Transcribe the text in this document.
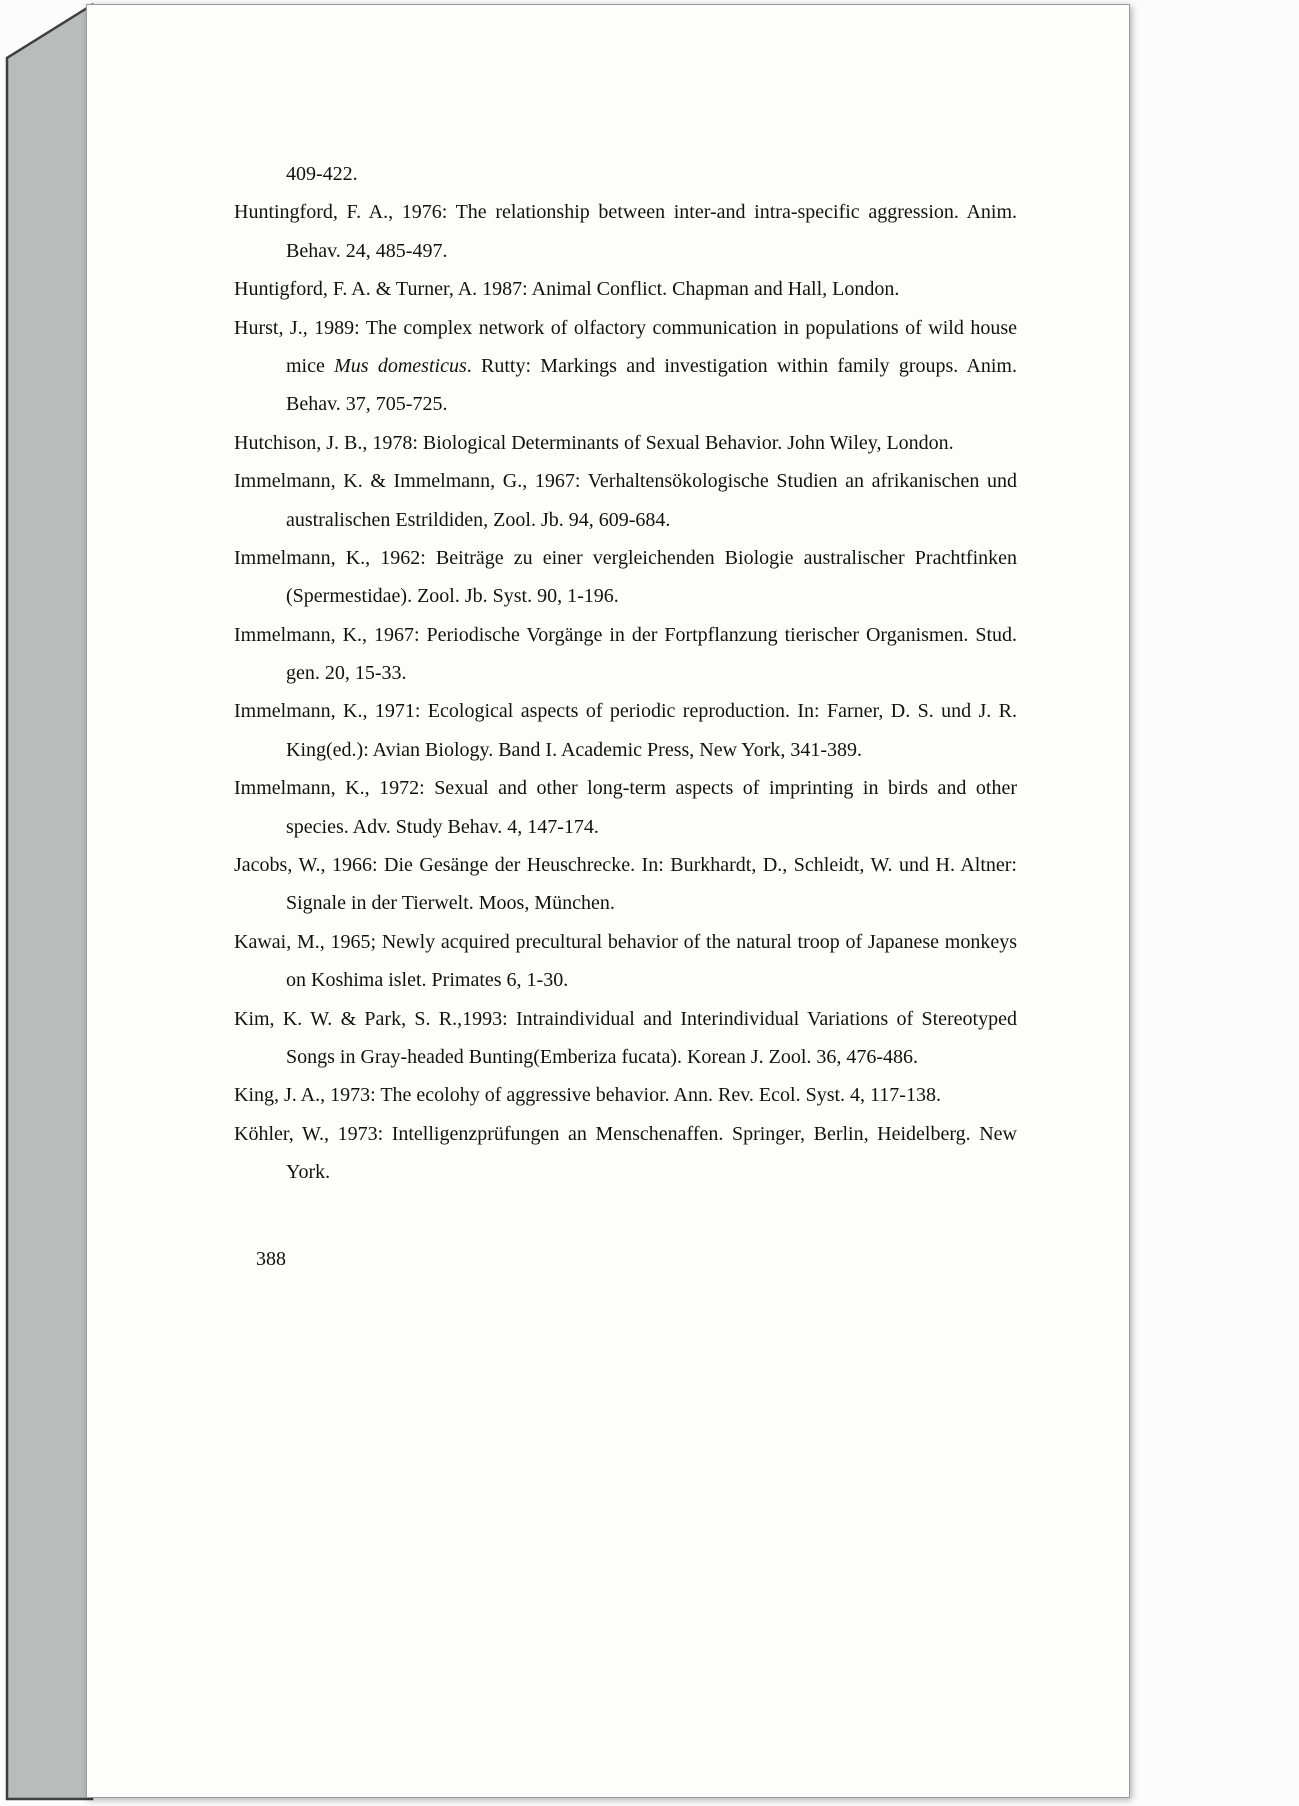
409-422.

Huntingford, F. A., 1976: The relationship between inter-and intra-specific aggression. Anim. Behav. 24, 485-497.

Huntigford, F. A. & Turner, A. 1987: Animal Conflict. Chapman and Hall, London.

Hurst, J., 1989: The complex network of olfactory communication in populations of wild house mice Mus domesticus. Rutty: Markings and investigation within family groups. Anim. Behav. 37, 705-725.

Hutchison, J. B., 1978: Biological Determinants of Sexual Behavior. John Wiley, London.

Immelmann, K. & Immelmann, G., 1967: Verhaltensökologische Studien an afrikanischen und australischen Estrildiden, Zool. Jb. 94, 609-684.

Immelmann, K., 1962: Beiträge zu einer vergleichenden Biologie australischer Prachtfinken (Spermestidae). Zool. Jb. Syst. 90, 1-196.

Immelmann, K., 1967: Periodische Vorgänge in der Fortpflanzung tierischer Organismen. Stud. gen. 20, 15-33.

Immelmann, K., 1971: Ecological aspects of periodic reproduction. In: Farner, D. S. und J. R. King(ed.): Avian Biology. Band I. Academic Press, New York, 341-389.

Immelmann, K., 1972: Sexual and other long-term aspects of imprinting in birds and other species. Adv. Study Behav. 4, 147-174.

Jacobs, W., 1966: Die Gesänge der Heuschrecke. In: Burkhardt, D., Schleidt, W. und H. Altner: Signale in der Tierwelt. Moos, München.

Kawai, M., 1965; Newly acquired precultural behavior of the natural troop of Japanese monkeys on Koshima islet. Primates 6, 1-30.

Kim, K. W. & Park, S. R.,1993: Intraindividual and Interindividual Variations of Stereotyped Songs in Gray-headed Bunting(Emberiza fucata). Korean J. Zool. 36, 476-486.

King, J. A., 1973: The ecolohy of aggressive behavior. Ann. Rev. Ecol. Syst. 4, 117-138.

Köhler, W., 1973: Intelligenzprüfungen an Menschenaffen. Springer, Berlin, Heidelberg. New York.

388
